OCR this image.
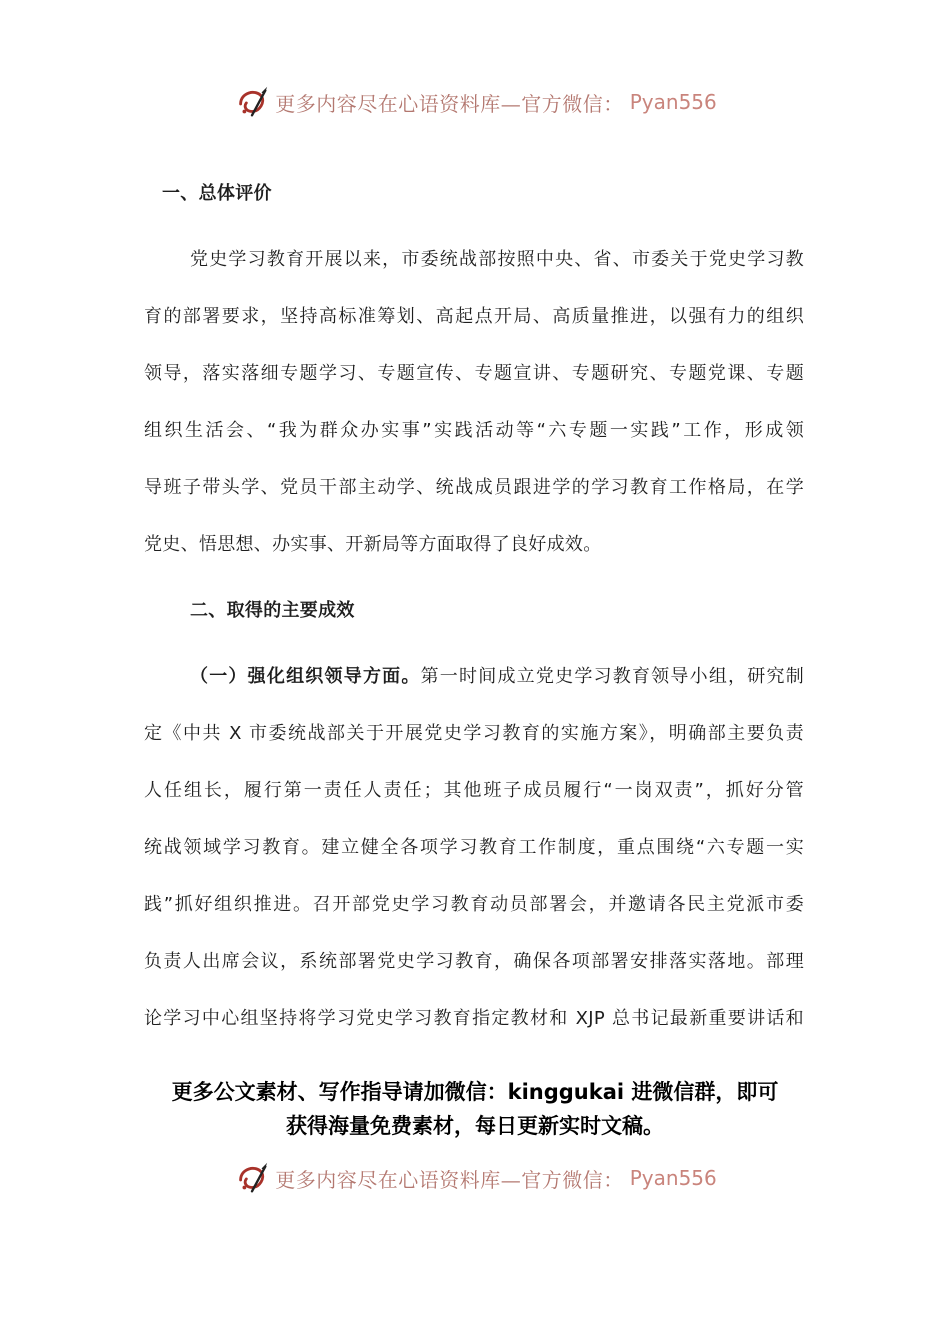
更多内容尽在心语资料库—官方微信： Pyan556
一、总体评价
党史学习教育开展以来，市委统战部按照中央、省、市委关于党史学习教
育的部署要求，坚持高标准筹划、高起点开局、高质量推进，以强有力的组织
领导，落实落细专题学习、专题宣传、专题宣讲、专题研究、专题党课、专题
组织生活会、“我为群众办实事”实践活动等“六专题一实践”工作，形成领
导班子带头学、党员干部主动学、统战成员跟进学的学习教育工作格局，在学
党史、悟思想、办实事、开新局等方面取得了良好成效。
二、取得的主要成效
（一）强化组织领导方面。第一时间成立党史学习教育领导小组，研究制
定《中共 X 市委统战部关于开展党史学习教育的实施方案》，明确部主要负责
人任组长，履行第一责任人责任；其他班子成员履行“一岗双责”，抓好分管
统战领域学习教育。建立健全各项学习教育工作制度，重点围绕“六专题一实
践”抓好组织推进。召开部党史学习教育动员部署会，并邀请各民主党派市委
负责人出席会议，系统部署党史学习教育，确保各项部署安排落实落地。部理
论学习中心组坚持将学习党史学习教育指定教材和 XJP 总书记最新重要讲话和
更多公文素材、写作指导请加微信：kinggukai 进微信群，即可
获得海量免费素材，每日更新实时文稿。
更多内容尽在心语资料库—官方微信： Pyan556
